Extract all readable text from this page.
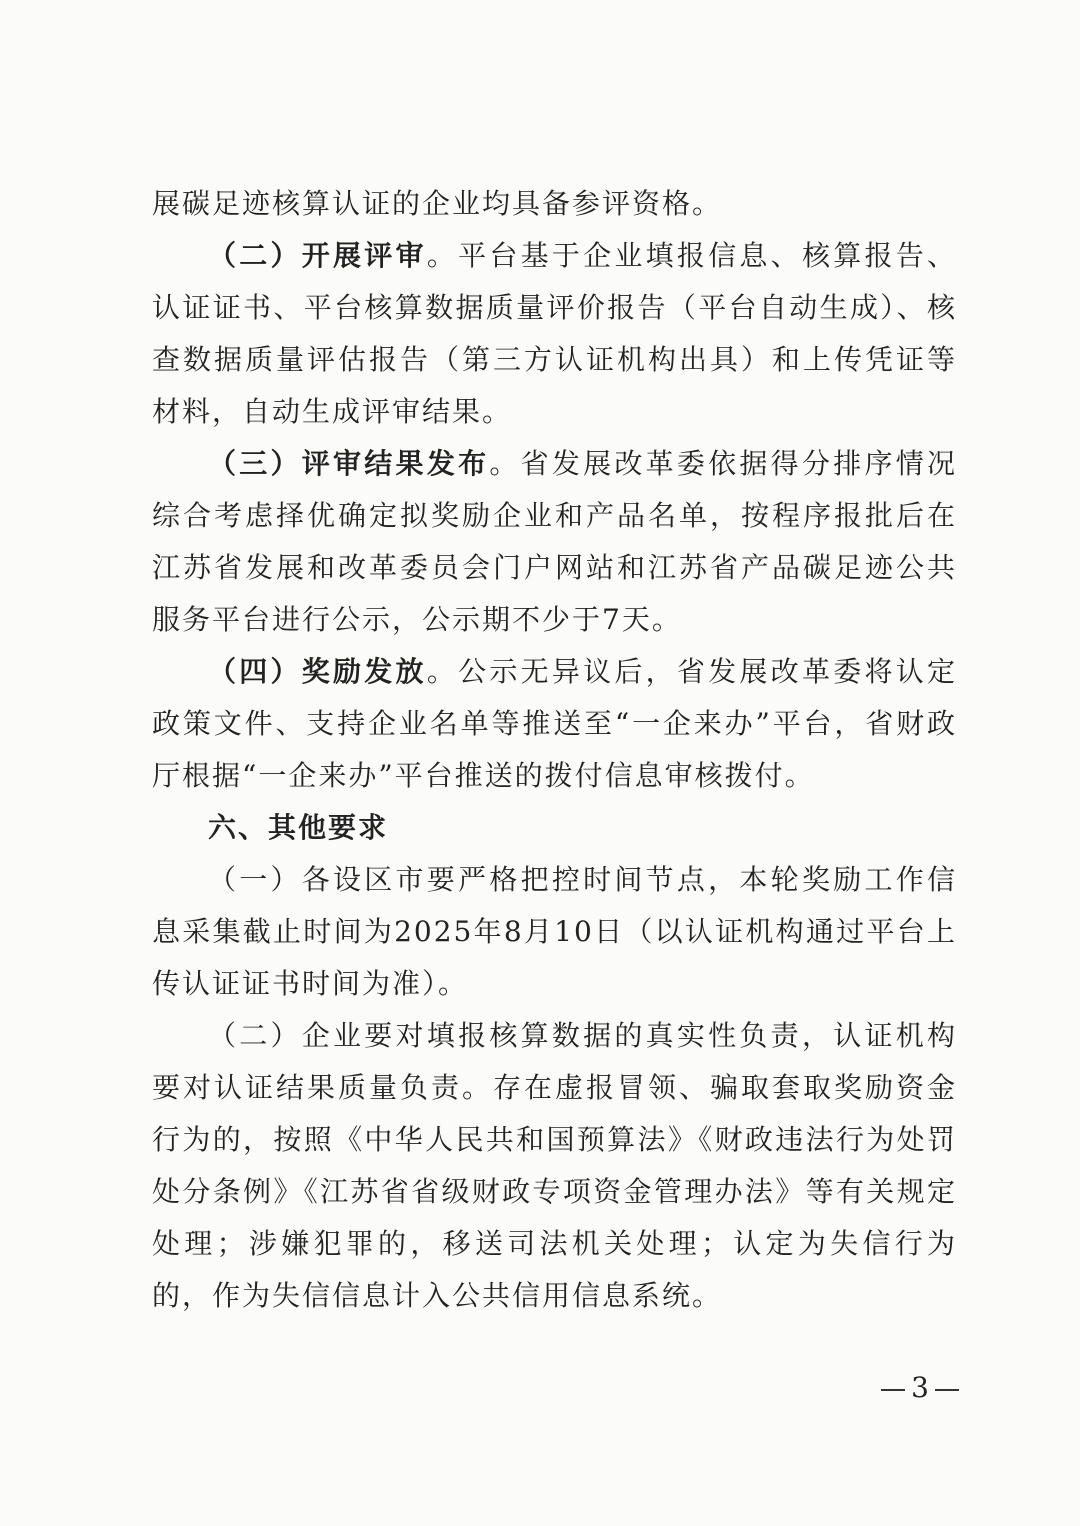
展碳足迹核算认证的企业均具备参评资格。

（二）开展评审。平台基于企业填报信息、核算报告、认证证书、平台核算数据质量评价报告（平台自动生成）、核查数据质量评估报告（第三方认证机构出具）和上传凭证等材料，自动生成评审结果。

（三）评审结果发布。省发展改革委依据得分排序情况综合考虑择优确定拟奖励企业和产品名单，按程序报批后在江苏省发展和改革委员会门户网站和江苏省产品碳足迹公共服务平台进行公示，公示期不少于7天。

（四）奖励发放。公示无异议后，省发展改革委将认定政策文件、支持企业名单等推送至“一企来办”平台，省财政厅根据“一企来办”平台推送的拨付信息审核拨付。

六、其他要求

（一）各设区市要严格把控时间节点，本轮奖励工作信息采集截止时间为2025年8月10日（以认证机构通过平台上传认证证书时间为准）。

（二）企业要对填报核算数据的真实性负责，认证机构要对认证结果质量负责。存在虚报冒领、骗取套取奖励资金行为的，按照《中华人民共和国预算法》《财政违法行为处罚处分条例》《江苏省省级财政专项资金管理办法》等有关规定处理；涉嫌犯罪的，移送司法机关处理；认定为失信行为的，作为失信信息计入公共信用信息系统。

3
